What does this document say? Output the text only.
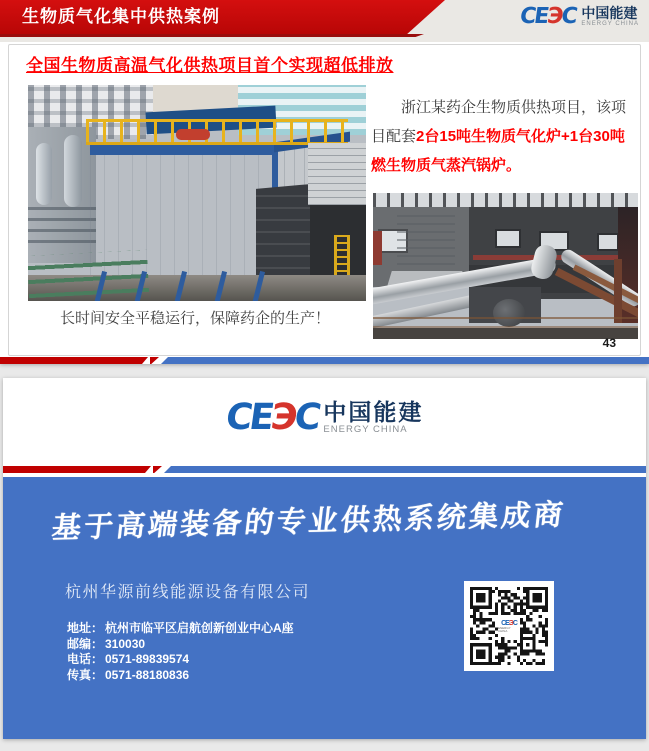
生物质气化集中供热案例	CEЭC 中国能建
ENERGY CHINA
全国生物质高温气化供热项目首个实现超低排放

浙江某药企生物质供热项目，该项目配套2台15吨生物质气化炉+1台30吨燃生物质气蒸汽锅炉。

长时间安全平稳运行，保障药企的生产！
43
CEЭC 中国能建
ENERGY CHINA
基于高端装备的专业供热系统集成商
杭州华源前线能源设备有限公司
地址： 杭州市临平区启航创新创业中心A座
邮编： 310030
电话： 0571-89839574
传真： 0571-88180836
CEЭC
ENERGY CHINA
